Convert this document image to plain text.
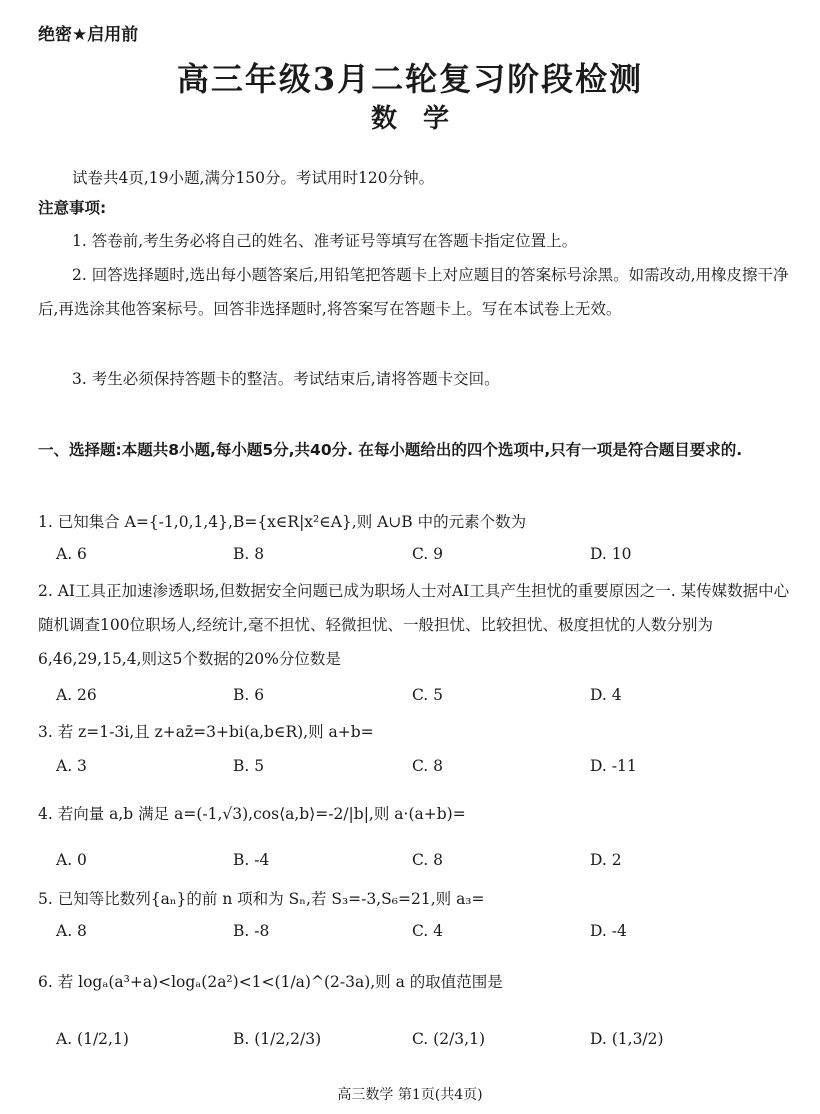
绝密★启用前
高三年级3月二轮复习阶段检测
数学
试卷共4页,19小题,满分150分。考试用时120分钟。
注意事项:
1. 答卷前,考生务必将自己的姓名、准考证号等填写在答题卡指定位置上。
2. 回答选择题时,选出每小题答案后,用铅笔把答题卡上对应题目的答案标号涂黑。如需改动,用橡皮擦干净后,再选涂其他答案标号。回答非选择题时,将答案写在答题卡上。写在本试卷上无效。
3. 考生必须保持答题卡的整洁。考试结束后,请将答题卡交回。
一、选择题:本题共8小题,每小题5分,共40分. 在每小题给出的四个选项中,只有一项是符合题目要求的.
1. 已知集合 A={-1,0,1,4},B={x∈R|x²∈A},则 A∪B 中的元素个数为
A. 6	B. 8	C. 9	D. 10
2. AI工具正加速渗透职场,但数据安全问题已成为职场人士对AI工具产生担忧的重要原因之一. 某传媒数据中心随机调查100位职场人,经统计,毫不担忧、轻微担忧、一般担忧、比较担忧、极度担忧的人数分别为6,46,29,15,4,则这5个数据的20%分位数是
A. 26	B. 6	C. 5	D. 4
3. 若 z=1-3i,且 z+az̄=3+bi(a,b∈R),则 a+b=
A. 3	B. 5	C. 8	D. -11
4. 若向量 a,b 满足 a=(-1,√3),cos⟨a,b⟩=-2/|b|,则 a·(a+b)=
A. 0	B. -4	C. 8	D. 2
5. 已知等比数列{aₙ}的前 n 项和为 Sₙ,若 S₃=-3,S₆=21,则 a₃=
A. 8	B. -8	C. 4	D. -4
6. 若 logₐ(a³+a)<logₐ(2a²)<1<(1/a)^(2-3a),则 a 的取值范围是
A. (1/2,1)	B. (1/2,2/3)	C. (2/3,1)	D. (1,3/2)
高三数学 第1页(共4页)
